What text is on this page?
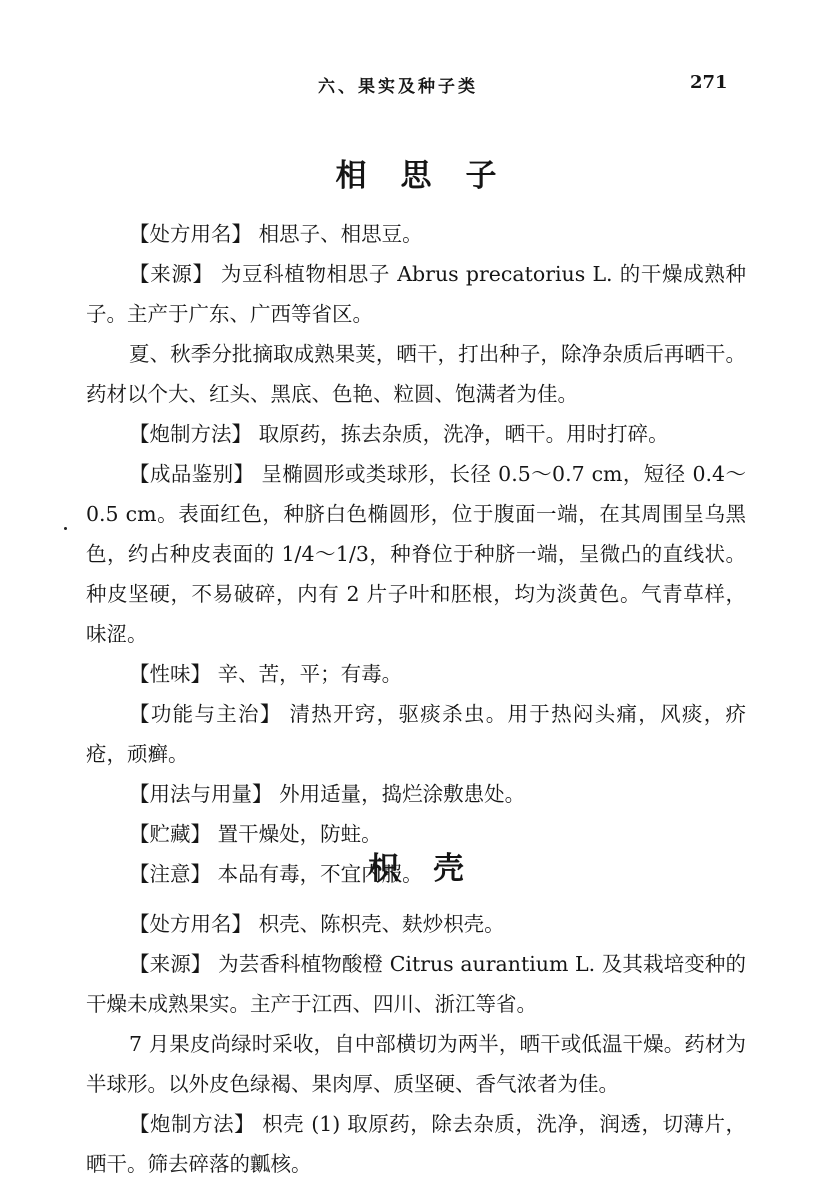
六、果实及种子类	271
相思子

【处方用名】 相思子、相思豆。

【来源】 为豆科植物相思子 Abrus precatorius L. 的干燥成熟种子。主产于广东、广西等省区。

夏、秋季分批摘取成熟果荚，晒干，打出种子，除净杂质后再晒干。药材以个大、红头、黑底、色艳、粒圆、饱满者为佳。

【炮制方法】 取原药，拣去杂质，洗净，晒干。用时打碎。

【成品鉴别】 呈椭圆形或类球形，长径 0.5～0.7 cm，短径 0.4～0.5 cm。表面红色，种脐白色椭圆形，位于腹面一端，在其周围呈乌黑色，约占种皮表面的 1/4～1/3，种脊位于种脐一端，呈微凸的直线状。种皮坚硬，不易破碎，内有 2 片子叶和胚根，均为淡黄色。气青草样，味涩。

【性味】 辛、苦，平；有毒。

【功能与主治】 清热开窍，驱痰杀虫。用于热闷头痛，风痰，疥疮，顽癣。

【用法与用量】 外用适量，捣烂涂敷患处。

【贮藏】 置干燥处，防蛀。

【注意】 本品有毒，不宜内服。

枳壳

【处方用名】 枳壳、陈枳壳、麸炒枳壳。

【来源】 为芸香科植物酸橙 Citrus aurantium L. 及其栽培变种的干燥未成熟果实。主产于江西、四川、浙江等省。

7 月果皮尚绿时采收，自中部横切为两半，晒干或低温干燥。药材为半球形。以外皮色绿褐、果肉厚、质坚硬、香气浓者为佳。

【炮制方法】 枳壳 (1) 取原药，除去杂质，洗净，润透，切薄片，晒干。筛去碎落的瓤核。
